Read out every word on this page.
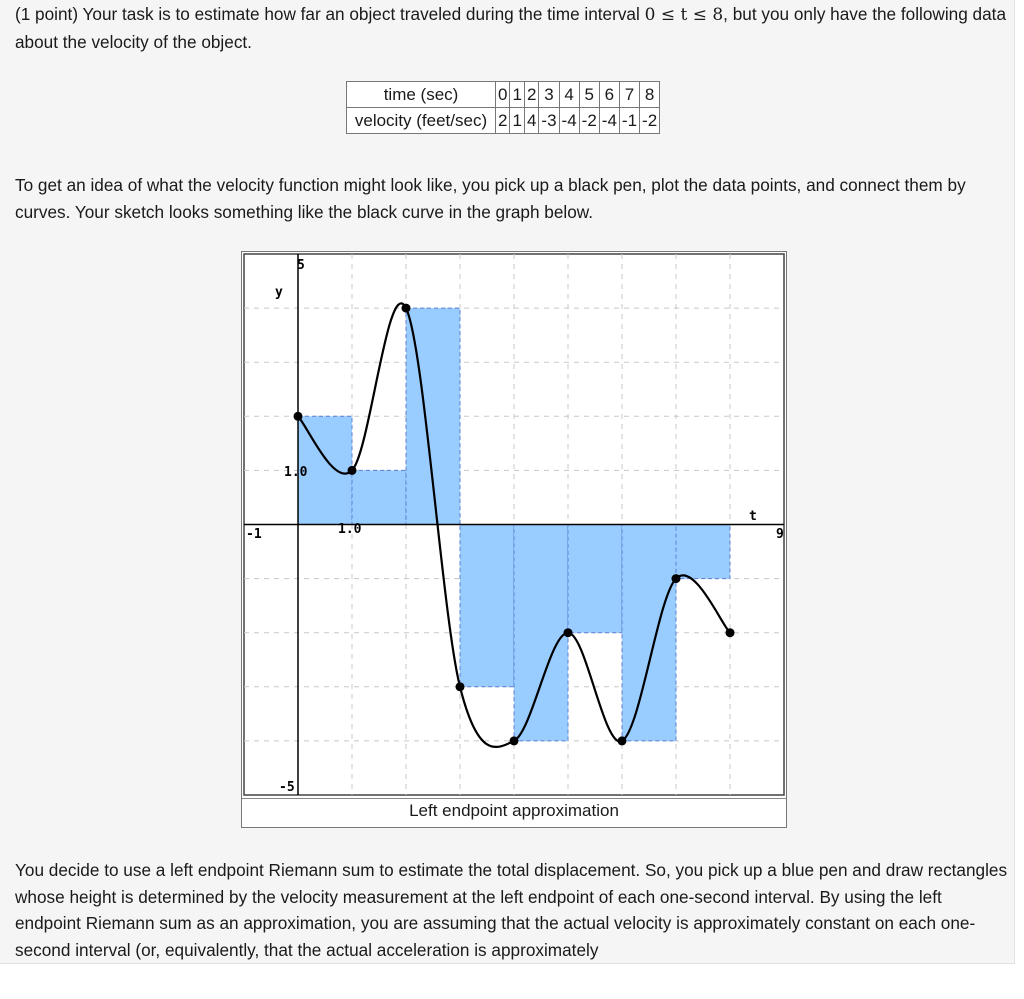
(1 point) Your task is to estimate how far an object traveled during the time interval 0 ≤ t ≤ 8, but you only have the following data about the velocity of the object.

time (sec)	0	1	2	3	4	5	6	7	8
velocity (feet/sec)	2	1	4	-3	-4	-2	-4	-1	-2

To get an idea of what the velocity function might look like, you pick up a black pen, plot the data points, and connect them by curves. Your sketch looks something like the black curve in the graph below.

y
t
5
-5
-1	9
1.0
1.0
Left endpoint approximation

You decide to use a left endpoint Riemann sum to estimate the total displacement. So, you pick up a blue pen and draw rectangles whose height is determined by the velocity measurement at the left endpoint of each one-second interval. By using the left endpoint Riemann sum as an approximation, you are assuming that the actual velocity is approximately constant on each one-second interval (or, equivalently, that the actual acceleration is approximately
